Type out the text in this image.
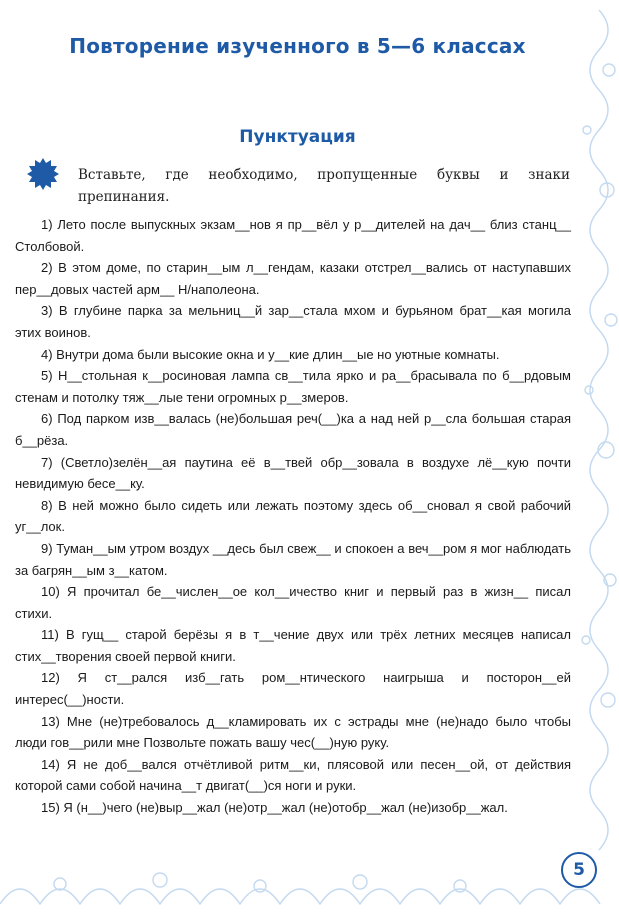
Повторение изученного в 5—6 классах
Пунктуация
Вставьте, где необходимо, пропущенные буквы и знаки препинания.

1) Лето после выпускных экзам__нов я пр__вёл у р__дителей на дач__ близ станц__ Столбовой.

2) В этом доме, по старин__ым л__гендам, казаки отстрел__вались от наступавших пер__довых частей арм__ Н/наполеона.

3) В глубине парка за мельниц__й зар__стала мхом и бурьяном брат__кая могила этих воинов.

4) Внутри дома были высокие окна и у__кие длин__ые но уютные комнаты.

5) Н__стольная к__росиновая лампа св__тила ярко и ра__брасывала по б__рдовым стенам и потолку тяж__лые тени огромных р__змеров.

6) Под парком изв__валась (не)большая реч(__)ка а над ней р__сла большая старая б__рёза.

7) (Светло)зелён__ая паутина её в__твей обр__зовала в воздухе лё__кую почти невидимую бесе__ку.

8) В ней можно было сидеть или лежать поэтому здесь об__сновал я свой рабочий уг__лок.

9) Туман__ым утром воздух __десь был свеж__ и спокоен а веч__ром я мог наблюдать за багрян__ым з__катом.

10) Я прочитал бе__числен__ое кол__ичество книг и первый раз в жизн__ писал стихи.

11) В гущ__ старой берёзы я в т__чение двух или трёх летних месяцев написал стих__творения своей первой книги.

12) Я ст__рался изб__гать ром__нтического наигрыша и посторон__ей интерес(__)ности.

13) Мне (не)требовалось д__кламировать их с эстрады мне (не)надо было чтобы люди гов__рили мне Позвольте пожать вашу чес(__)ную руку.

14) Я не доб__вался отчётливой ритм__ки, плясовой или песен__ой, от действия которой сами собой начина__т двигат(__)ся ноги и руки.

15) Я (н__)чего (не)выр__жал (не)отр__жал (не)отобр__жал (не)изобр__жал.

5
